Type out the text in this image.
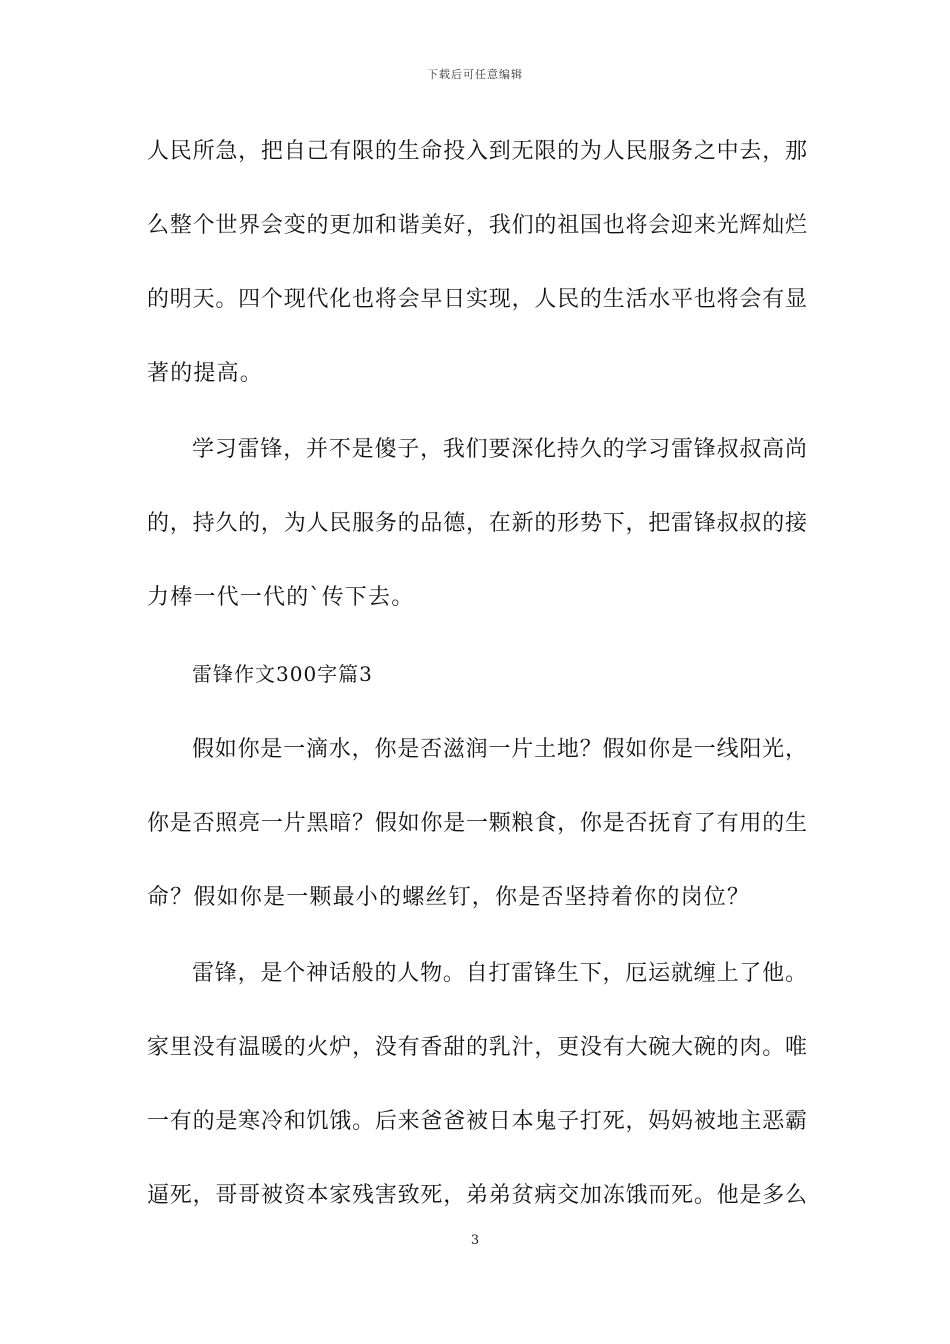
下载后可任意编辑
人民所急，把自己有限的生命投入到无限的为人民服务之中去，那
么整个世界会变的更加和谐美好，我们的祖国也将会迎来光辉灿烂
的明天。四个现代化也将会早日实现，人民的生活水平也将会有显
著的提高。
学习雷锋，并不是傻子，我们要深化持久的学习雷锋叔叔高尚
的，持久的，为人民服务的品德，在新的形势下，把雷锋叔叔的接
力棒一代一代的`传下去。
雷锋作文300字篇3
假如你是一滴水，你是否滋润一片土地？假如你是一线阳光，
你是否照亮一片黑暗？假如你是一颗粮食，你是否抚育了有用的生
命？假如你是一颗最小的螺丝钉，你是否坚持着你的岗位？
雷锋，是个神话般的人物。自打雷锋生下，厄运就缠上了他。
家里没有温暖的火炉，没有香甜的乳汁，更没有大碗大碗的肉。唯
一有的是寒冷和饥饿。后来爸爸被日本鬼子打死，妈妈被地主恶霸
逼死，哥哥被资本家残害致死，弟弟贫病交加冻饿而死。他是多么
3
